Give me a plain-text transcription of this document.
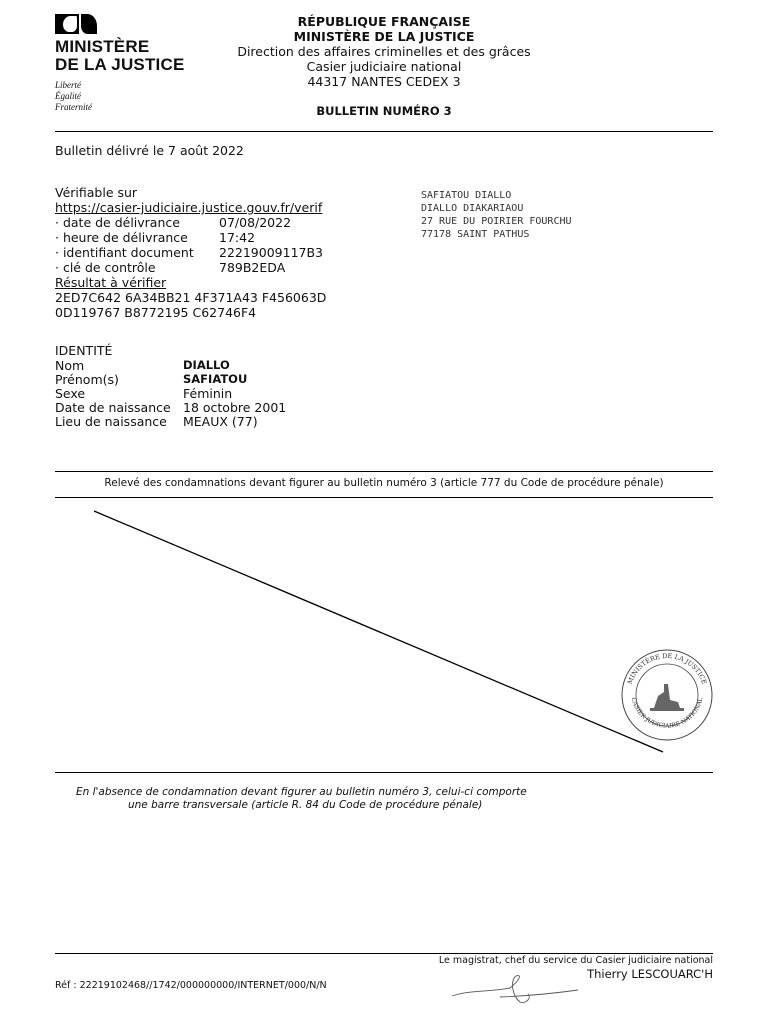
MINISTÈRE
DE LA JUSTICE
Liberté
Égalité
Fraternité
RÉPUBLIQUE FRANÇAISE
MINISTÈRE DE LA JUSTICE
Direction des affaires criminelles et des grâces
Casier judiciaire national
44317 NANTES CEDEX 3
BULLETIN NUMÉRO 3
Bulletin délivré le 7 août 2022
Vérifiable sur
https://casier-judiciaire.justice.gouv.fr/verif
· date de délivrance	07/08/2022
· heure de délivrance 17:42
· identifiant document 22219009117B3
· clé de contrôle	789B2EDA
Résultat à vérifier
2ED7C642 6A34BB21 4F371A43 F456063D
0D119767 B8772195 C62746F4
SAFIATOU DIALLO
DIALLO DIAKARIAOU
27 RUE DU POIRIER FOURCHU
77178 SAINT PATHUS
IDENTITÉ
Nom	DIALLO
Prénom(s)	SAFIATOU
Sexe	Féminin
Date de naissance 18 octobre 2001
Lieu de naissance MEAUX (77)
Relevé des condamnations devant figurer au bulletin numéro 3 (article 777 du Code de procédure pénale)
MINISTÈRE DE LA JUSTICE
CASIER JUDICIAIRE NATIONAL
En l'absence de condamnation devant figurer au bulletin numéro 3, celui-ci comporte
une barre transversale (article R. 84 du Code de procédure pénale)
Le magistrat, chef du service du Casier judiciaire national
Thierry LESCOUARC'H
Réf : 22219102468//1742/000000000/INTERNET/000/N/N
